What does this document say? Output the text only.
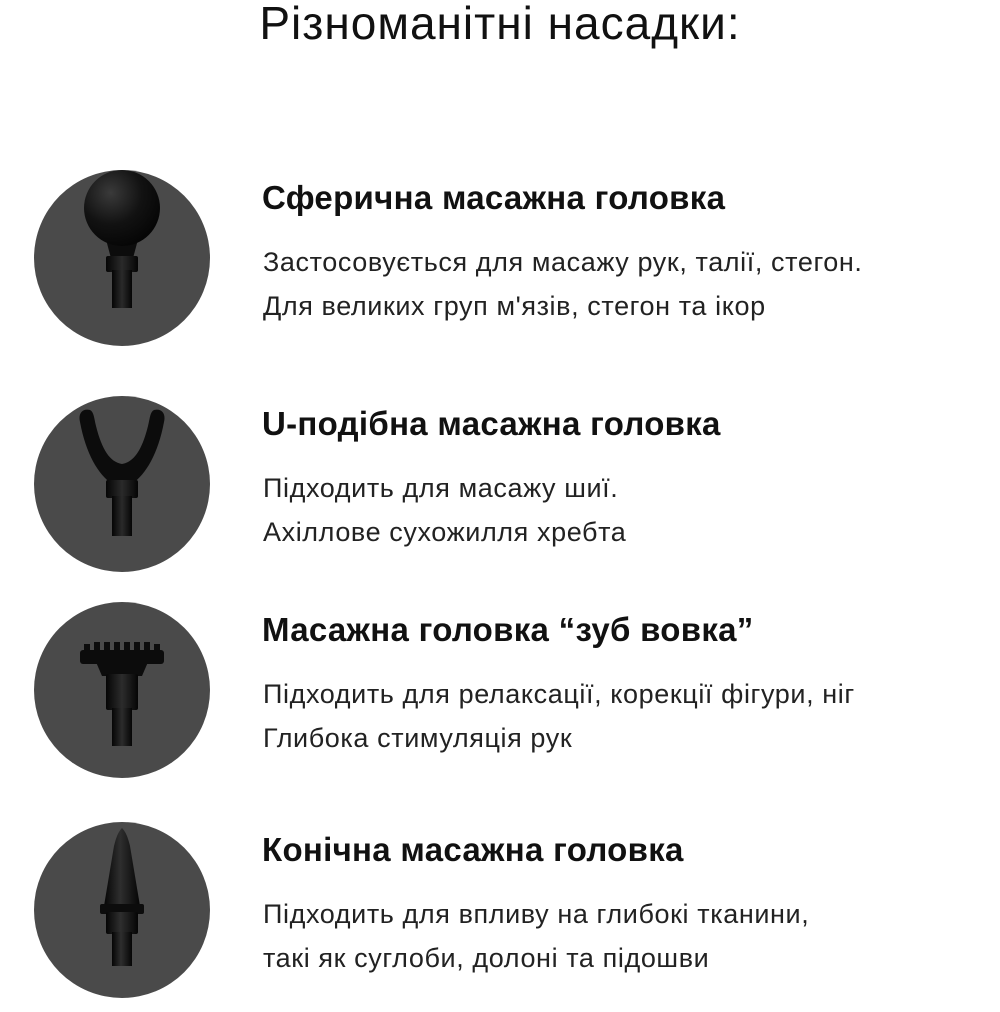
Різноманітні насадки:
Сферична масажна головка
Застосовується для масажу рук, талії, стегон.
Для великих груп м'язів, стегон та ікор
U-подібна масажна головка
Підходить для масажу шиї.
Ахіллове сухожилля хребта
Масажна головка “зуб вовка”
Підходить для релаксації, корекції фігури, ніг
Глибока стимуляція рук
Конічна масажна головка
Підходить для впливу на глибокі тканини,
такі як суглоби, долоні та підошви
